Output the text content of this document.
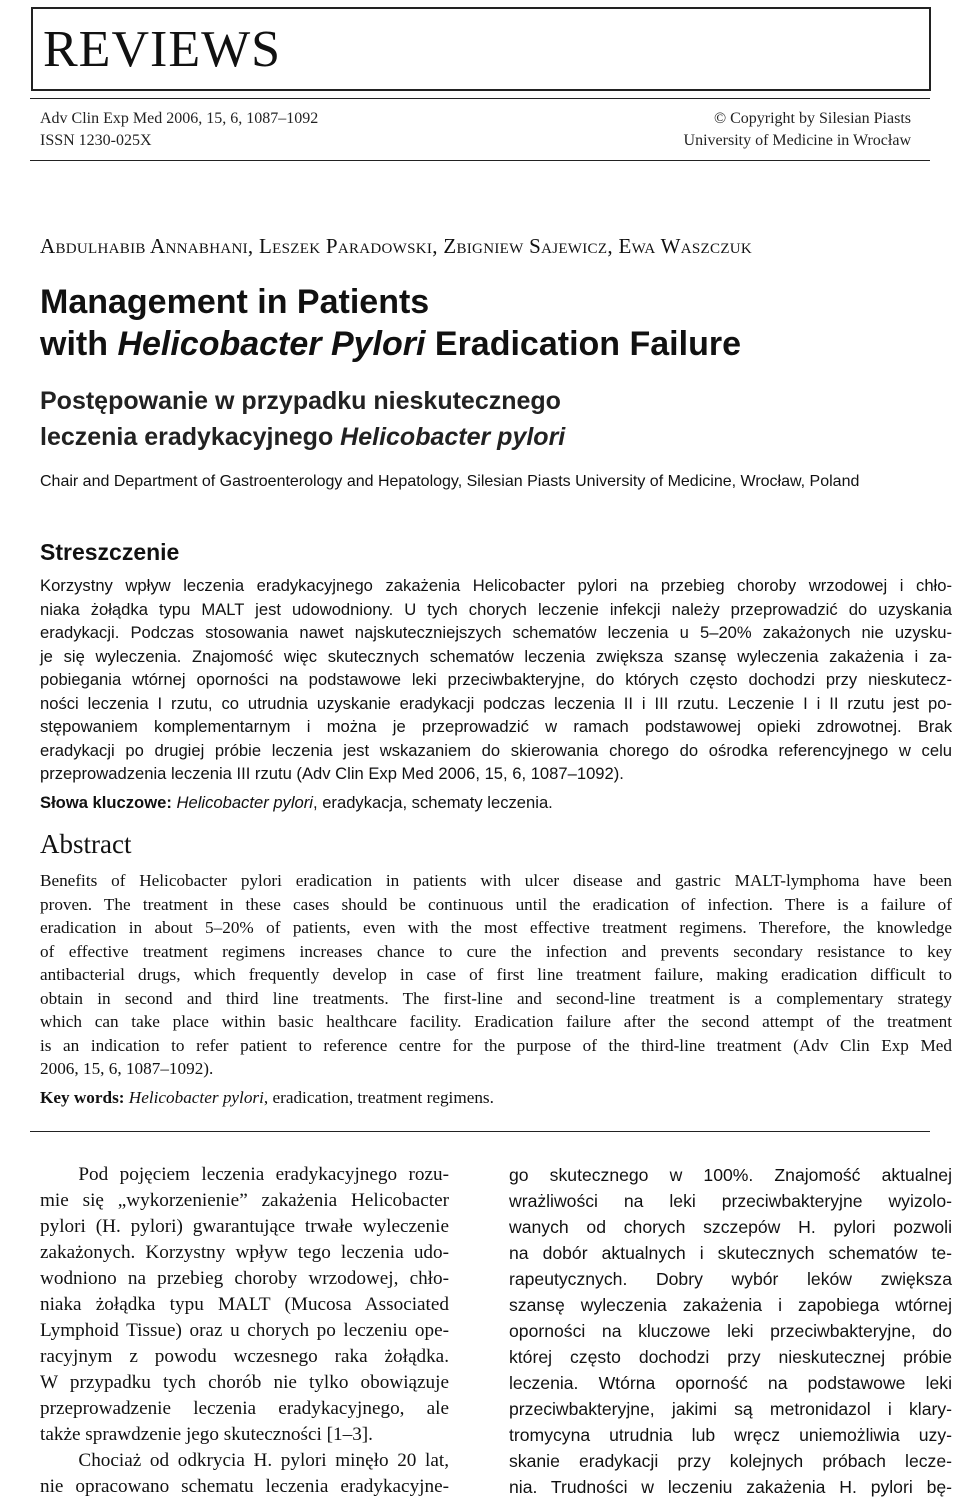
REVIEWS
Adv Clin Exp Med 2006, 15, 6, 1087–1092
ISSN 1230-025X
© Copyright by Silesian Piasts
University of Medicine in Wrocław
Abdulhabib Annabhani, Leszek Paradowski, Zbigniew Sajewicz, Ewa Waszczuk
Management in Patients
with Helicobacter Pylori Eradication Failure
Postępowanie w przypadku nieskutecznego
leczenia eradykacyjnego Helicobacter pylori
Chair and Department of Gastroenterology and Hepatology, Silesian Piasts University of Medicine, Wrocław, Poland
Streszczenie
Korzystny wpływ leczenia eradykacyjnego zakażenia Helicobacter pylori na przebieg choroby wrzodowej i chło-
niaka żołądka typu MALT jest udowodniony. U tych chorych leczenie infekcji należy przeprowadzić do uzyskania
eradykacji. Podczas stosowania nawet najskuteczniejszych schematów leczenia u 5–20% zakażonych nie uzysku-
je się wyleczenia. Znajomość więc skutecznych schematów leczenia zwiększa szansę wyleczenia zakażenia i za-
pobiegania wtórnej oporności na podstawowe leki przeciwbakteryjne, do których często dochodzi przy nieskutecz-
ności leczenia I rzutu, co utrudnia uzyskanie eradykacji podczas leczenia II i III rzutu. Leczenie I i II rzutu jest po-
stępowaniem komplementarnym i można je przeprowadzić w ramach podstawowej opieki zdrowotnej. Brak
eradykacji po drugiej próbie leczenia jest wskazaniem do skierowania chorego do ośrodka referencyjnego w celu
przeprowadzenia leczenia III rzutu (Adv Clin Exp Med 2006, 15, 6, 1087–1092).
Słowa kluczowe: Helicobacter pylori, eradykacja, schematy leczenia.
Abstract
Benefits of Helicobacter pylori eradication in patients with ulcer disease and gastric MALT-lymphoma have been
proven. The treatment in these cases should be continuous until the eradication of infection. There is a failure of
eradication in about 5–20% of patients, even with the most effective treatment regimens. Therefore, the knowledge
of effective treatment regimens increases chance to cure the infection and prevents secondary resistance to key
antibacterial drugs, which frequently develop in case of first line treatment failure, making eradication difficult to
obtain in second and third line treatments. The first-line and second-line treatment is a complementary strategy
which can take place within basic healthcare facility. Eradication failure after the second attempt of the treatment
is an indication to refer patient to reference centre for the purpose of the third-line treatment (Adv Clin Exp Med
2006, 15, 6, 1087–1092).
Key words: Helicobacter pylori, eradication, treatment regimens.
Pod pojęciem leczenia eradykacyjnego rozu-
mie się „wykorzenienie” zakażenia Helicobacter
pylori (H. pylori) gwarantujące trwałe wyleczenie
zakażonych. Korzystny wpływ tego leczenia udo-
wodniono na przebieg choroby wrzodowej, chło-
niaka żołądka typu MALT (Mucosa Associated
Lymphoid Tissue) oraz u chorych po leczeniu ope-
racyjnym z powodu wczesnego raka żołądka.
W przypadku tych chorób nie tylko obowiązuje
przeprowadzenie leczenia eradykacyjnego, ale
także sprawdzenie jego skuteczności [1–3].
Chociaż od odkrycia H. pylori minęło 20 lat,
nie opracowano schematu leczenia eradykacyjne-
go skutecznego w 100%. Znajomość aktualnej
wrażliwości na leki przeciwbakteryjne wyizolo-
wanych od chorych szczepów H. pylori pozwoli
na dobór aktualnych i skutecznych schematów te-
rapeutycznych. Dobry wybór leków zwiększa
szansę wyleczenia zakażenia i zapobiega wtórnej
oporności na kluczowe leki przeciwbakteryjne, do
której często dochodzi przy nieskutecznej próbie
leczenia. Wtórna oporność na podstawowe leki
przeciwbakteryjne, jakimi są metronidazol i klary-
tromycyna utrudnia lub wręcz uniemożliwia uzy-
skanie eradykacji przy kolejnych próbach lecze-
nia. Trudności w leczeniu zakażenia H. pylori bę-
